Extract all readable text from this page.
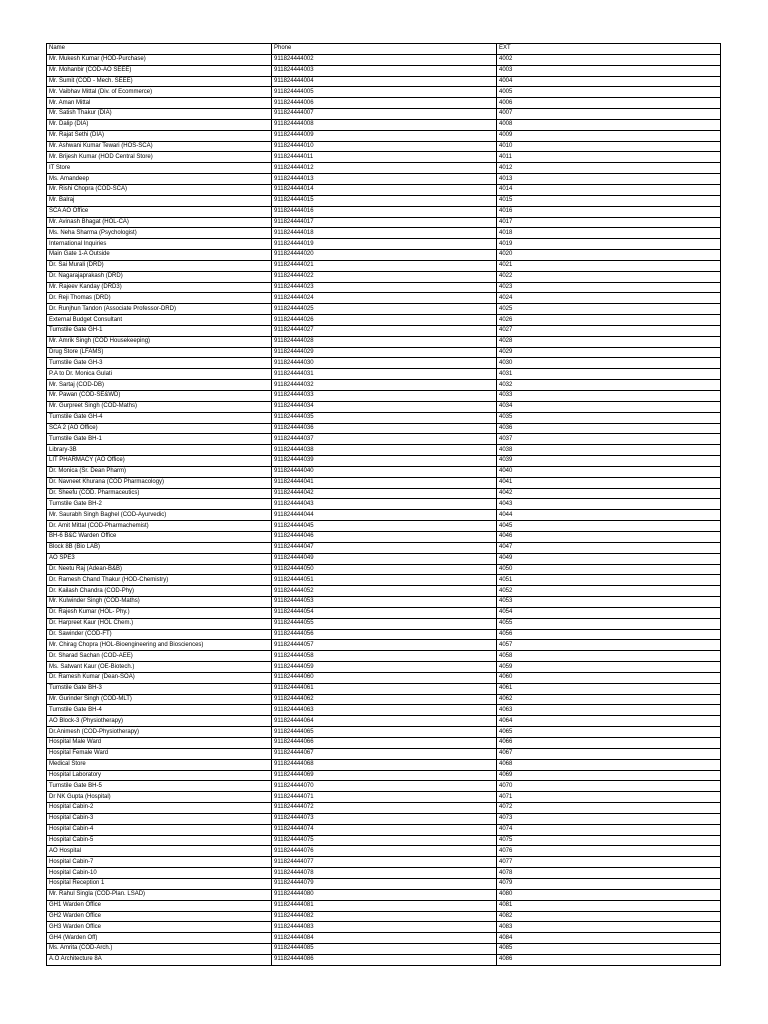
Name	Phone	EXT
Mr. Mukesh Kumar (HOD-Purchase)	911824444002	4002
Mr. Mohanbir (COD-AO SEEE)	911824444003	4003
Mr. Sumit (COD - Mech. SEEE)	911824444004	4004
Mr. Vaibhav Mittal (Div. of Ecommerce)	911824444005	4005
Mr. Aman Mittal	911824444006	4006
Mr. Satish Thakur (DIA)	911824444007	4007
Mr. Dalip (DIA)	911824444008	4008
Mr. Rajat Sethi (DIA)	911824444009	4009
Mr. Ashwani Kumar Tewari (HOS-SCA)	911824444010	4010
Mr. Brijesh Kumar (HOD Central Store)	911824444011	4011
IT Store	911824444012	4012
Ms. Amandeep	911824444013	4013
Mr. Rishi Chopra (COD-SCA)	911824444014	4014
Mr. Balraj	911824444015	4015
SCA AO Office	911824444016	4016
Mr. Avinash Bhagat (HOL-CA)	911824444017	4017
Ms. Neha Sharma (Psychologist)	911824444018	4018
International Inquiries	911824444019	4019
Main Gate 1-A Outside	911824444020	4020
Dr. Sai Murali (DRD)	911824444021	4021
Dr. Nagarajaprakash (DRD)	911824444022	4022
Mr. Rajeev Kanday (DRD3)	911824444023	4023
Dr. Reji Thomas (DRD)	911824444024	4024
Dr. Runjhun Tandon (Associate Professor-DRD)	911824444025	4025
External Budget Consultant	911824444026	4026
Turnstile Gate GH-1	911824444027	4027
Mr. Amrik Singh (COD Housekeeping)	911824444028	4028
Drug Store (LFAMS)	911824444029	4029
Turnstile Gate GH-3	911824444030	4030
P.A to Dr. Monica Gulati	911824444031	4031
Mr. Sartaj (COD-DB)	911824444032	4032
Mr. Pawan (COD-SE&WD)	911824444033	4033
Mr. Gurpreet Singh (COD-Maths)	911824444034	4034
Turnstile Gate GH-4	911824444035	4035
SCA 2 (AO Office)	911824444036	4036
Turnstile Gate BH-1	911824444037	4037
Library-3B	911824444038	4038
LIT PHARMACY (AO Office)	911824444039	4039
Dr. Monica (Sr. Dean Pharm)	911824444040	4040
Dr. Navneet Khurana (COD Pharmacology)	911824444041	4041
Dr. Sheefu (COD. Pharmaceutics)	911824444042	4042
Turnstile Gate BH-2	911824444043	4043
Mr. Saurabh Singh Baghel (COD-Ayurvedic)	911824444044	4044
Dr. Amit Mittal (COD-Pharmachemist)	911824444045	4045
BH-6 B&C Warden Office	911824444046	4046
Block 8B (Bio LAB)	911824444047	4047
AO SPE3	911824444049	4049
Dr. Neetu Raj (Adean-B&B)	911824444050	4050
Dr. Ramesh Chand Thakur (HOD-Chemistry)	911824444051	4051
Dr. Kailash Chandra (COD-Phy)	911824444052	4052
Mr. Kulwinder Singh (COD-Maths)	911824444053	4053
Dr. Rajesh Kumar (HOL- Phy.)	911824444054	4054
Dr. Harpreet Kaur (HOL Chem.)	911824444055	4055
Dr. Sawinder (COD-FT)	911824444056	4056
Mr. Chirag Chopra (HOL-Bioengineering and Biosciences)	911824444057	4057
Dr. Sharad Sachan (COD-AEE)	911824444058	4058
Ms. Satwant Kaur (OE-Biotech.)	911824444059	4059
Dr. Ramesh Kumar (Dean-SOA)	911824444060	4060
Turnstile Gate BH-3	911824444061	4061
Mr. Gurinder Singh (COD-MLT)	911824444062	4062
Turnstile Gate BH-4	911824444063	4063
AO Block-3 (Physiotherapy)	911824444064	4064
Dr.Animesh (COD-Physiotherapy)	911824444065	4065
Hospital Male Ward	911824444066	4066
Hospital Female Ward	911824444067	4067
Medical Store	911824444068	4068
Hospital Laboratory	911824444069	4069
Turnstile Gate BH-5	911824444070	4070
Dr NK Gupta (Hospital)	911824444071	4071
Hospital Cabin-2	911824444072	4072
Hospital Cabin-3	911824444073	4073
Hospital Cabin-4	911824444074	4074
Hospital Cabin-5	911824444075	4075
AO Hospital	911824444076	4076
Hospital Cabin-7	911824444077	4077
Hospital Cabin-10	911824444078	4078
Hospital Reception 1	911824444079	4079
Mr. Rahul Singla (COD-Plan. LSAD)	911824444080	4080
GH1 Warden Office	911824444081	4081
GH2 Warden Office	911824444082	4082
GH3 Warden Office	911824444083	4083
GH4 (Warden Off)	911824444084	4084
Ms. Amrita (COD-Arch.)	911824444085	4085
A.O Architecture 8A	911824444086	4086
